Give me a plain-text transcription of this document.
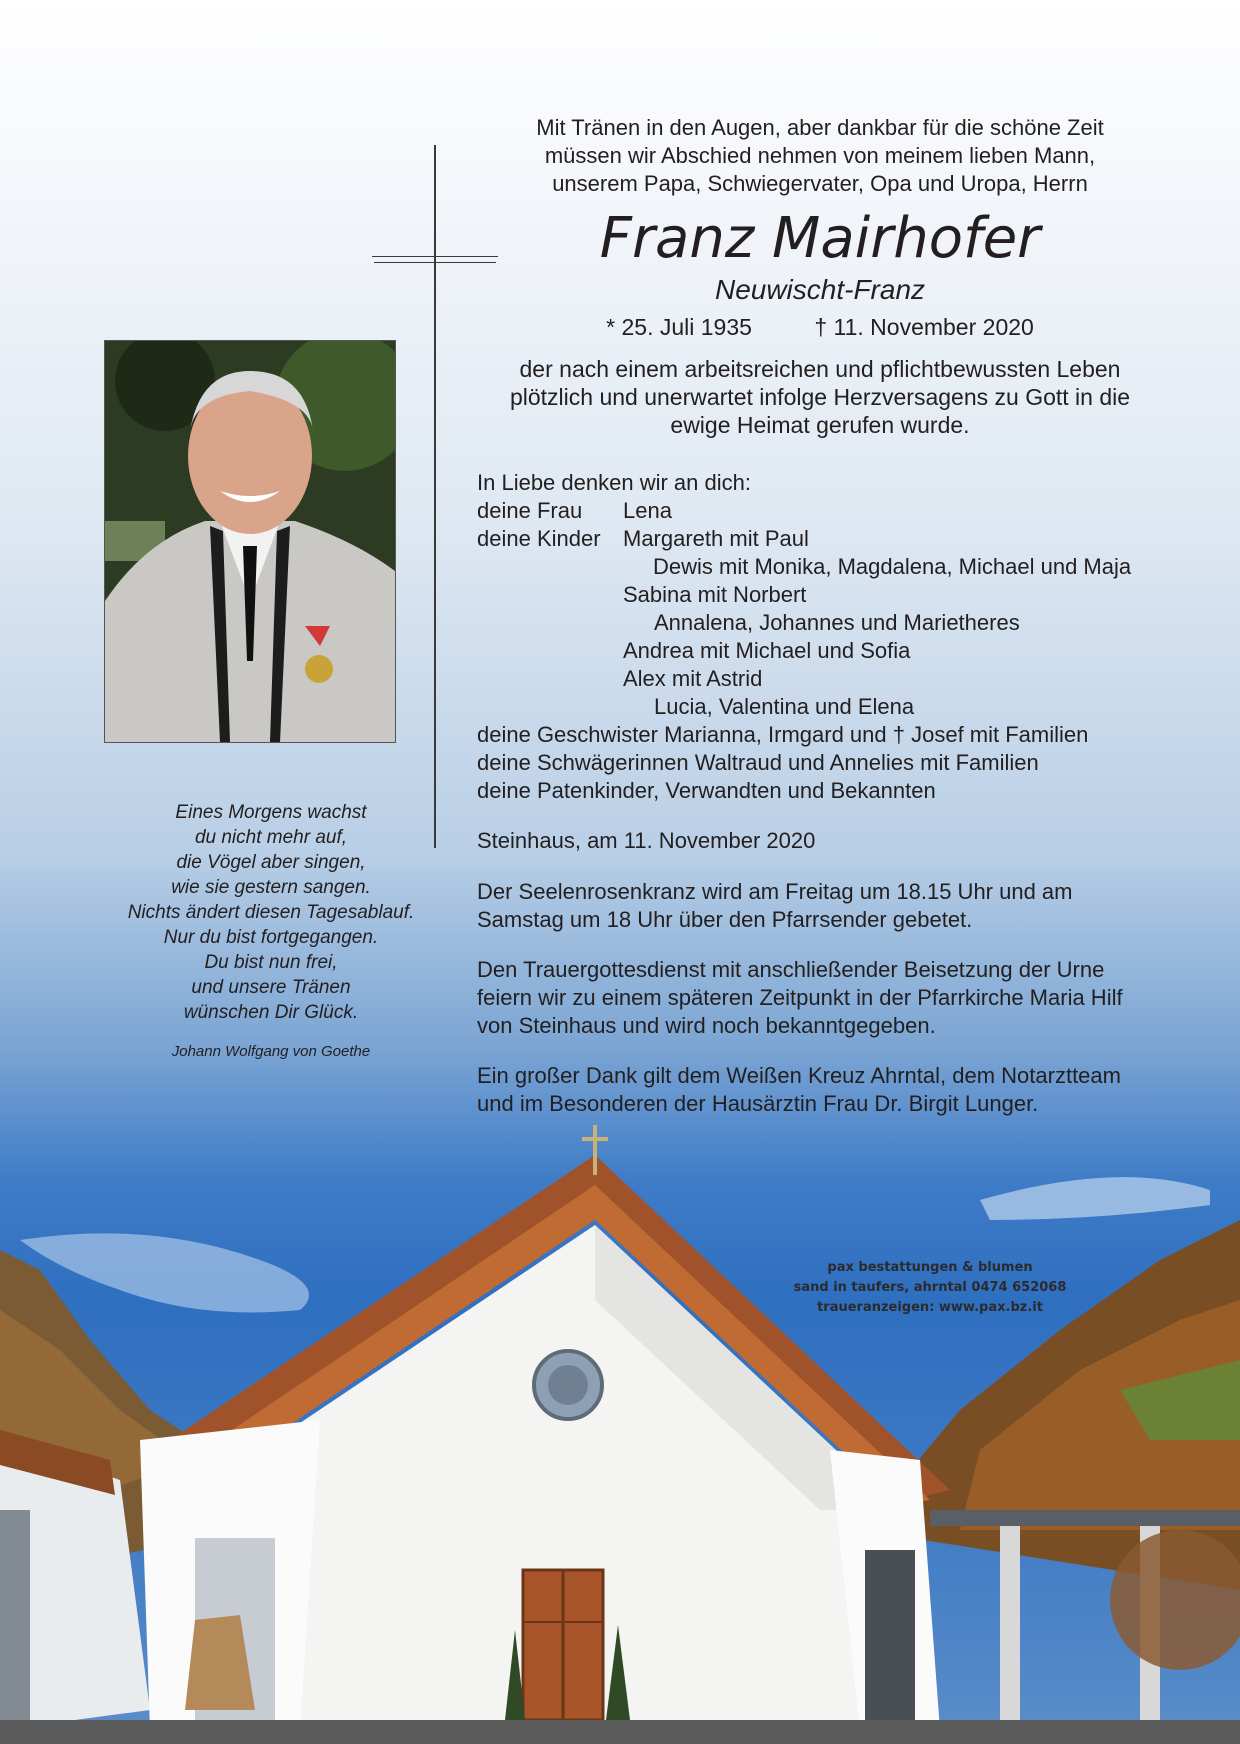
Eines Morgens wachst
du nicht mehr auf,
die Vögel aber singen,
wie sie gestern sangen.
Nichts ändert diesen Tagesablauf.
Nur du bist fortgegangen.
Du bist nun frei,
und unsere Tränen
wünschen Dir Glück.
Johann Wolfgang von Goethe
Mit Tränen in den Augen, aber dankbar für die schöne Zeit
müssen wir Abschied nehmen von meinem lieben Mann,
unserem Papa, Schwiegervater, Opa und Uropa, Herrn
Franz Mairhofer
Neuwischt-Franz
* 25. Juli 1935	† 11. November 2020
der nach einem arbeitsreichen und pflichtbewussten Leben
plötzlich und unerwartet infolge Herzversagens zu Gott in die
ewige Heimat gerufen wurde.
In Liebe denken wir an dich:
deine Frau Lena
deine Kinder Margareth mit Paul
Dewis mit Monika, Magdalena, Michael und Maja
Sabina mit Norbert
Annalena, Johannes und Marietheres
Andrea mit Michael und Sofia
Alex mit Astrid
Lucia, Valentina und Elena
deine Geschwister Marianna, Irmgard und † Josef mit Familien
deine Schwägerinnen Waltraud und Annelies mit Familien
deine Patenkinder, Verwandten und Bekannten
Steinhaus, am 11. November 2020
Der Seelenrosenkranz wird am Freitag um 18.15 Uhr und am
Samstag um 18 Uhr über den Pfarrsender gebetet.
Den Trauergottesdienst mit anschließender Beisetzung der Urne
feiern wir zu einem späteren Zeitpunkt in der Pfarrkirche Maria Hilf
von Steinhaus und wird noch bekanntgegeben.
Ein großer Dank gilt dem Weißen Kreuz Ahrntal, dem Notarztteam
und im Besonderen der Hausärztin Frau Dr. Birgit Lunger.
pax bestattungen & blumen
sand in taufers, ahrntal 0474 652068
traueranzeigen: www.pax.bz.it
